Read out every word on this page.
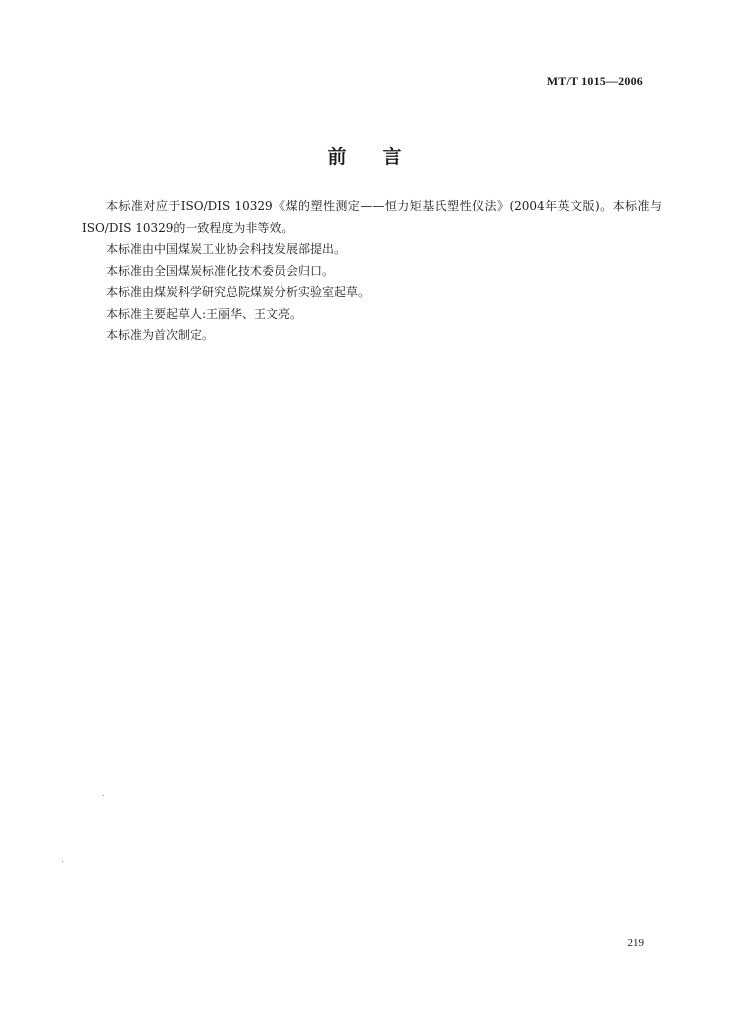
MT/T 1015—2006
前言

本标准对应于ISO/DIS 10329《煤的塑性测定——恒力矩基氏塑性仪法》(2004年英文版)。本标准与ISO/DIS 10329的一致程度为非等效。

本标准由中国煤炭工业协会科技发展部提出。

本标准由全国煤炭标准化技术委员会归口。

本标准由煤炭科学研究总院煤炭分析实验室起草。

本标准主要起草人:王丽华、王文亮。

本标准为首次制定。

219
